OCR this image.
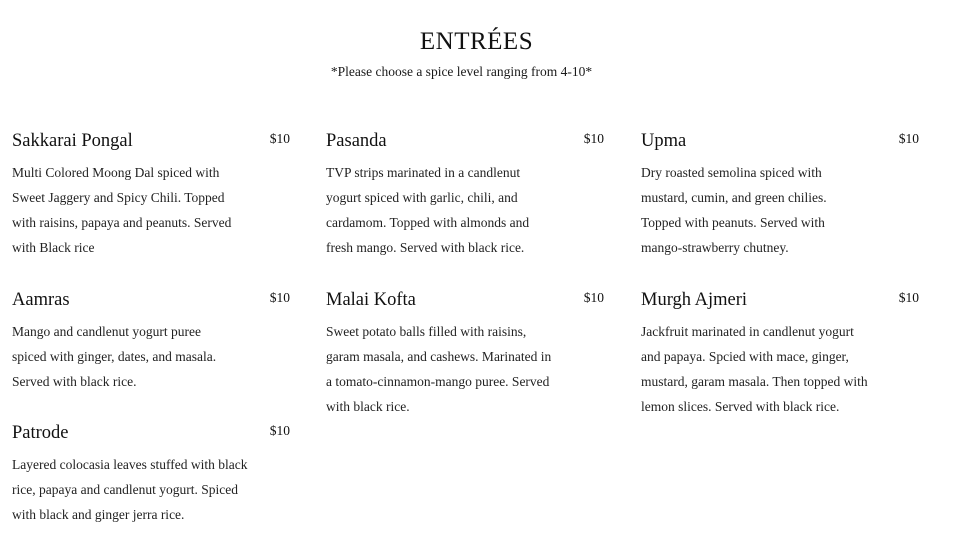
ENTRÉES
*Please choose a spice level ranging from 4-10*
Sakkarai Pongal	$10
Multi Colored Moong Dal spiced with Sweet Jaggery and Spicy Chili. Topped with raisins, papaya and peanuts. Served with Black rice
Pasanda	$10
TVP strips marinated in a candlenut yogurt spiced with garlic, chili, and cardamom. Topped with almonds and fresh mango. Served with black rice.
Upma	$10
Dry roasted semolina spiced with mustard, cumin, and green chilies. Topped with peanuts. Served with mango-strawberry chutney.
Aamras	$10
Mango and candlenut yogurt puree spiced with ginger, dates, and masala. Served with black rice.
Malai Kofta	$10
Sweet potato balls filled with raisins, garam masala, and cashews. Marinated in a tomato-cinnamon-mango puree. Served with black rice.
Murgh Ajmeri	$10
Jackfruit marinated in candlenut yogurt and papaya. Spcied with mace, ginger, mustard, garam masala. Then topped with lemon slices. Served with black rice.
Patrode	$10
Layered colocasia leaves stuffed with black rice, papaya and candlenut yogurt. Spiced with black and ginger jerra rice.
